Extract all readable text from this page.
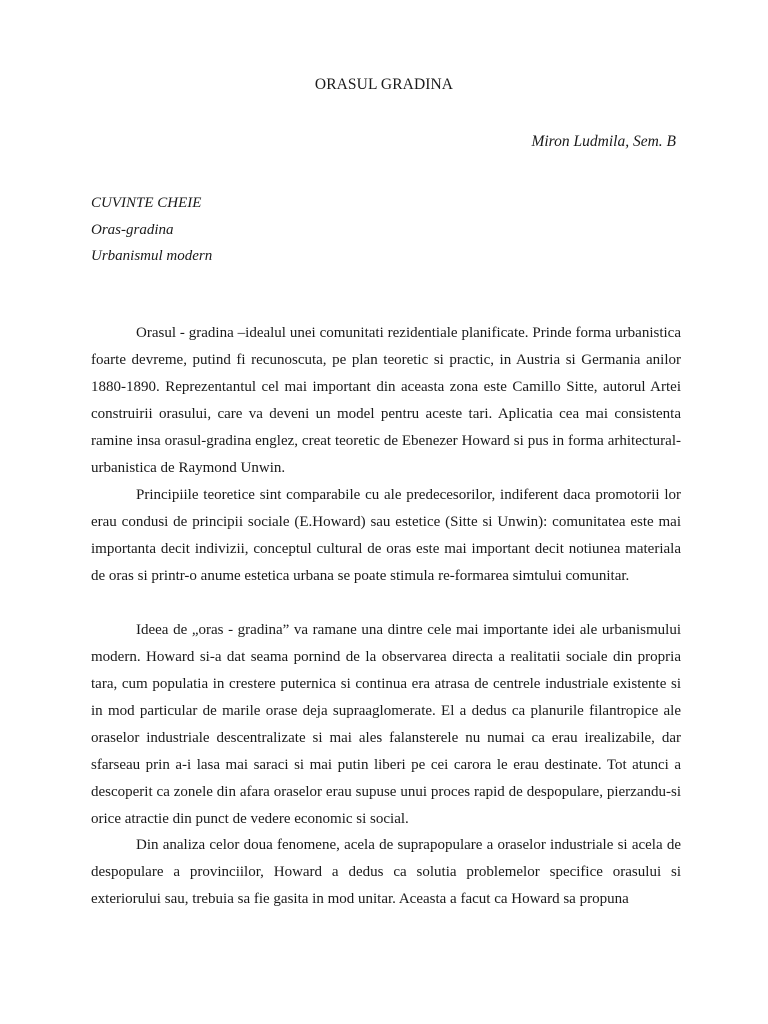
ORASUL GRADINA
Miron Ludmila, Sem. B
CUVINTE CHEIE
Oras-gradina
Urbanismul modern

Orasul - gradina –idealul unei comunitati rezidentiale planificate. Prinde forma urbanistica foarte devreme, putind fi recunoscuta, pe plan teoretic si practic, in Austria si Germania anilor 1880-1890. Reprezentantul cel mai important din aceasta zona este Camillo Sitte, autorul Artei construirii orasului, care va deveni un model pentru aceste tari. Aplicatia cea mai consistenta ramine insa orasul-gradina englez, creat teoretic de Ebenezer Howard si pus in forma arhitectural-urbanistica de Raymond Unwin.

Principiile teoretice sint comparabile cu ale predecesorilor, indiferent daca promotorii lor erau condusi de principii sociale (E.Howard) sau estetice (Sitte si Unwin): comunitatea este mai importanta decit indivizii, conceptul cultural de oras este mai important decit notiunea materiala de oras si printr-o anume estetica urbana se poate stimula re-formarea simtului comunitar.

Ideea de „oras - gradina” va ramane una dintre cele mai importante idei ale urbanismului modern. Howard si-a dat seama pornind de la observarea directa a realitatii sociale din propria tara, cum populatia in crestere puternica si continua era atrasa de centrele industriale existente si in mod particular de marile orase deja supraaglomerate. El a dedus ca planurile filantropice ale oraselor industriale descentralizate si mai ales falansterele nu numai ca erau irealizabile, dar sfarseau prin a-i lasa mai saraci si mai putin liberi pe cei carora le erau destinate. Tot atunci a descoperit ca zonele din afara oraselor erau supuse unui proces rapid de despopulare, pierzandu-si orice atractie din punct de vedere economic si social.

Din analiza celor doua fenomene, acela de suprapopulare a oraselor industriale si acela de despopulare a provinciilor, Howard a dedus ca solutia problemelor specifice orasului si exteriorului sau, trebuia sa fie gasita in mod unitar. Aceasta a facut ca Howard sa propuna
